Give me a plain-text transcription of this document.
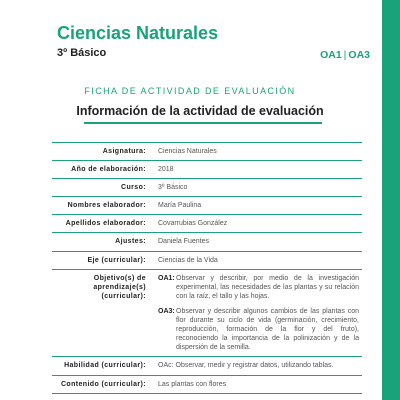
Ciencias Naturales
3º Básico	OA1 | OA3
FICHA DE ACTIVIDAD DE EVALUACIÓN
Información de la actividad de evaluación
Asignatura:	Ciencias Naturales
Año de elaboración:	2018
Curso:	3º Básico
Nombres elaborador:	María Paulina
Apellidos elaborador:	Covarrubias González
Ajustes:	Daniela Fuentes
Eje (curricular):	Ciencias de la Vida
Objetivo(s) de aprendizaje(s) (curricular):	OA1: Observar y describir, por medio de la investigación experimental, las necesidades de las plantas y su relación con la raíz, el tallo y las hojas.
OA3: Observar y describir algunos cambios de las plantas con flor durante su ciclo de vida (germinación, crecimiento, reproducción, formación de la flor y del fruto), reconociendo la importancia de la polinización y de la dispersión de la semilla.

Habilidad (curricular):	OAc: Observar, medir y registrar datos, utilizando tablas.
Contenido (curricular):	Las plantas con flores
